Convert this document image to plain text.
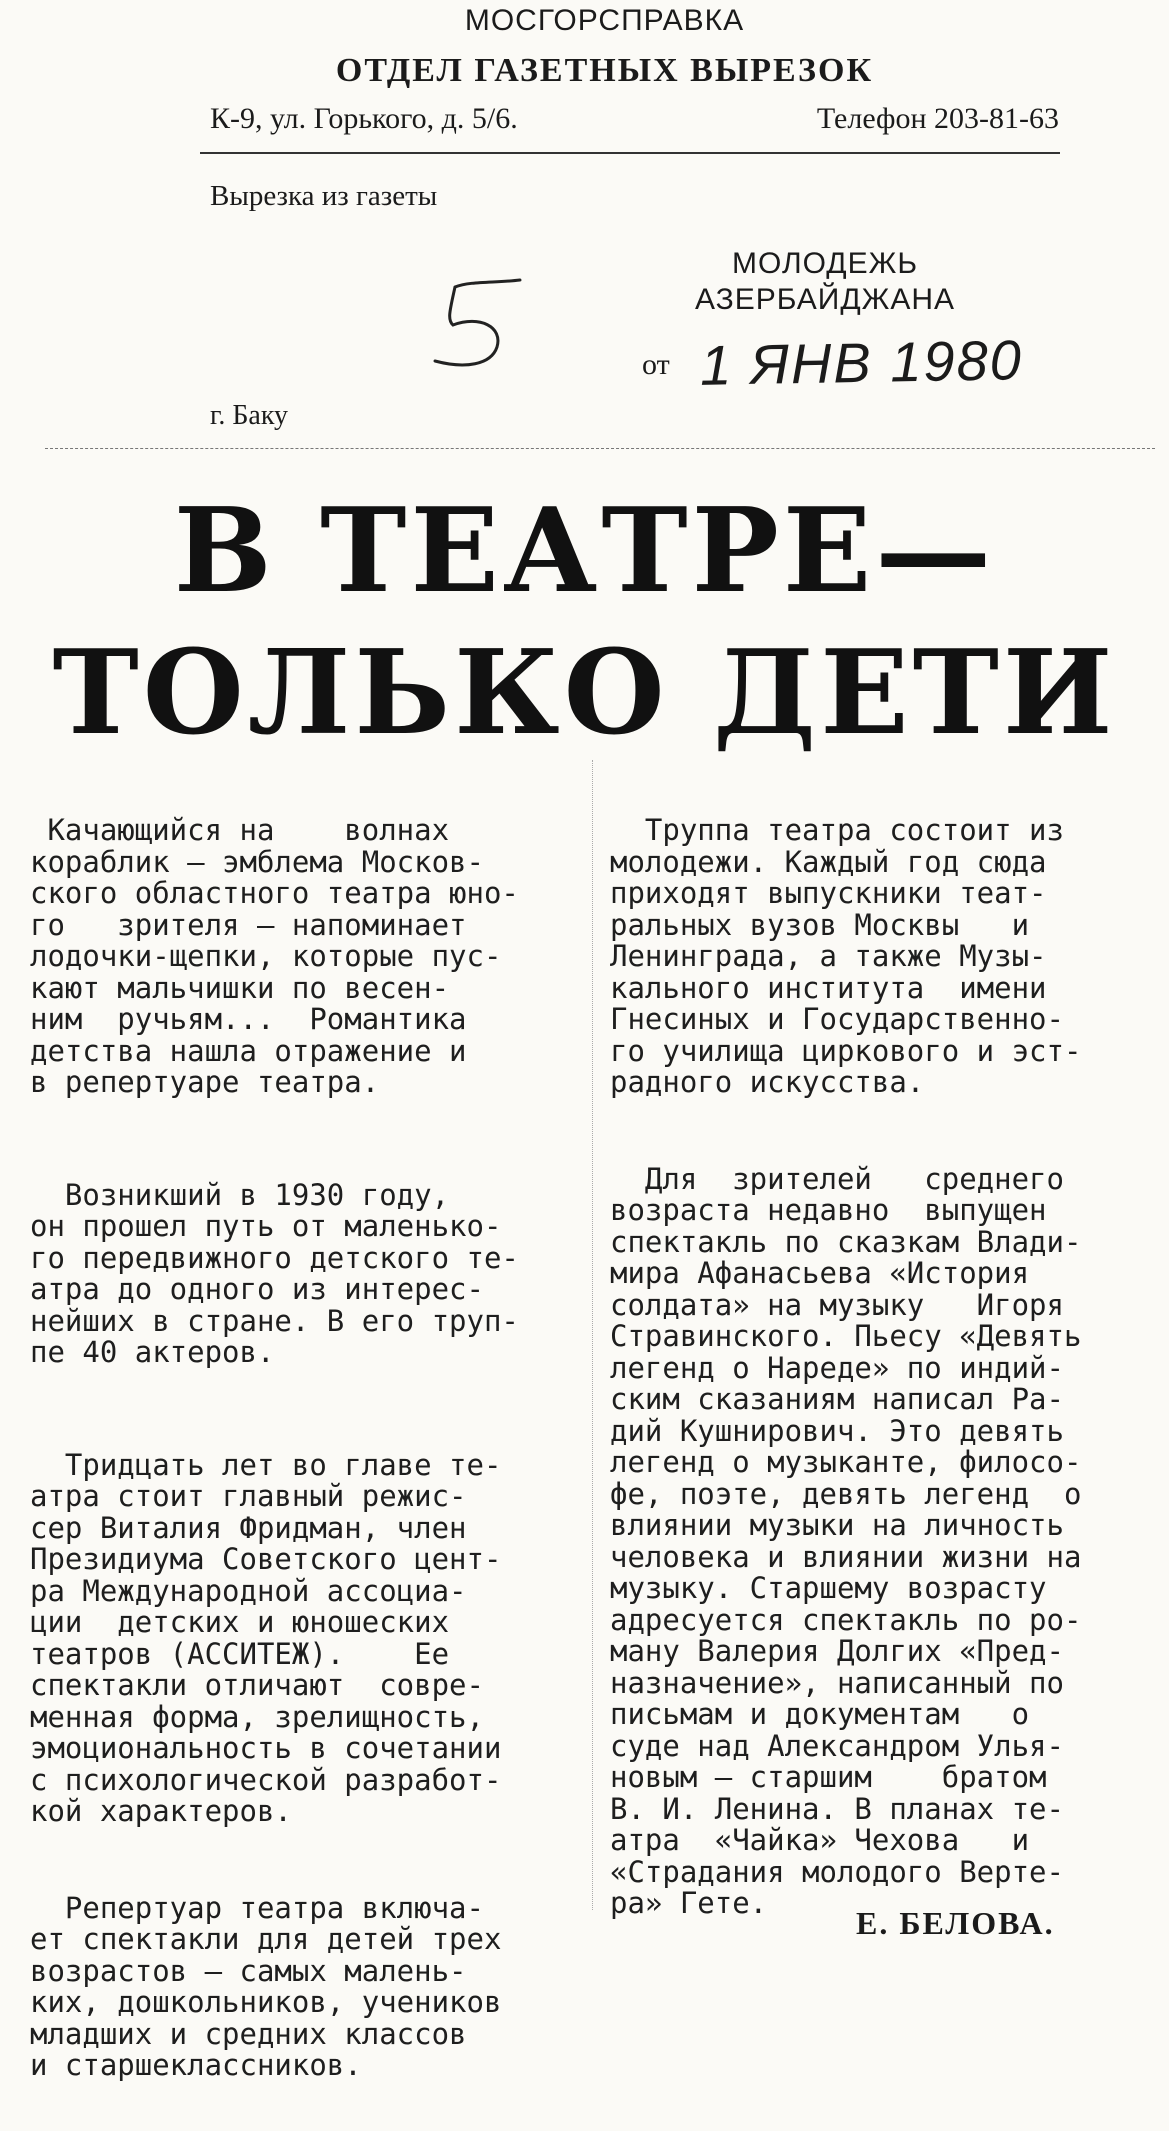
МОСГОРСПРАВКА
ОТДЕЛ ГАЗЕТНЫХ ВЫРЕЗОК
К-9, ул. Горького, д. 5/6.	Телефон 203-81-63
Вырезка из газеты
МОЛОДЕЖЬ АЗЕРБАЙДЖАНА
от 1 ЯНВ 1980
г. Баку
В ТЕАТРЕ—
ТОЛЬКО ДЕТИ

Качающийся на    волнах
кораблик — эмблема Москов-
ского областного театра юно-
го   зрителя — напоминает
лодочки-щепки, которые пус-
кают мальчишки по весен-
ним  ручьям...  Романтика
детства нашла отражение и
в репертуаре театра.

Возникший в 1930 году,
он прошел путь от маленько-
го передвижного детского те-
атра до одного из интерес-
нейших в стране. В его труп-
пе 40 актеров.

Тридцать лет во главе те-
атра стоит главный режис-
сер Виталия Фридман, член
Президиума Советского цент-
ра Международной ассоциа-
ции  детских и юношеских
театров (АССИТЕЖ).    Ее
спектакли отличают  совре-
менная форма, зрелищность,
эмоциональность в сочетании
с психологической разработ-
кой характеров.

Репертуар театра включа-
ет спектакли для детей трех
возрастов — самых малень-
ких, дошкольников, учеников
младших и средних классов
и старшеклассников.

Труппа театра состоит из
молодежи. Каждый год сюда
приходят выпускники теат-
ральных вузов Москвы   и
Ленинграда, а также Музы-
кального института  имени
Гнесиных и Государственно-
го училища циркового и эст-
радного искусства.

Для  зрителей   среднего
возраста недавно  выпущен
спектакль по сказкам Влади-
мира Афанасьева «История
солдата» на музыку   Игоря
Стравинского. Пьесу «Девять
легенд о Нареде» по индий-
ским сказаниям написал Ра-
дий Кушнирович. Это девять
легенд о музыканте, филосо-
фе, поэте, девять легенд  о
влиянии музыки на личность
человека и влиянии жизни на
музыку. Старшему возрасту
адресуется спектакль по ро-
ману Валерия Долгих «Пред-
назначение», написанный по
письмам и документам   о
суде над Александром Улья-
новым — старшим    братом
В. И. Ленина. В планах те-
атра  «Чайка» Чехова   и
«Страдания молодого Верте-
ра» Гете.

Е. БЕЛОВА.
